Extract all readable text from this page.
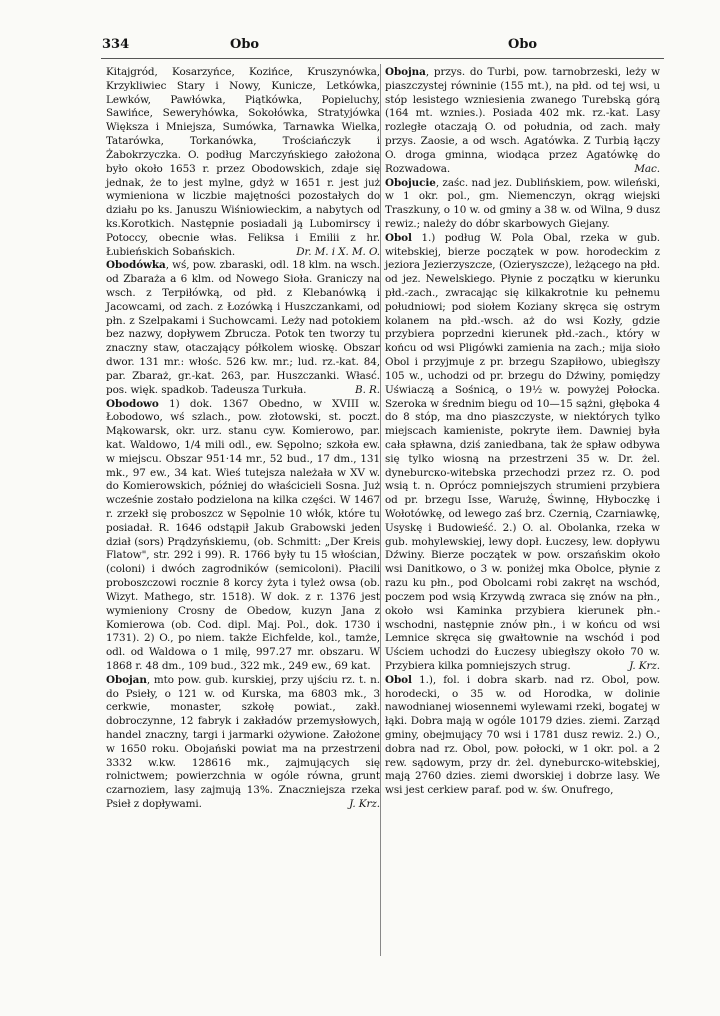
334	Obo	Obo

Kitajgród, Kosarzyńce, Kozińce, Kruszynówka, Krzykliwiec Stary i Nowy, Kunicze, Letkówka, Lewków, Pawłówka, Piątkówka, Popieluchy, Sawińce, Seweryhówka, Sokołówka, Stratyjówka Większa i Mniejsza, Sumówka, Tarnawka Wielka, Tatarówka, Torkanówka, Trościańczyk i Żabokrzyczka. O. podług Marczyńskiego założona było około 1653 r. przez Obodowskich, zdaje się jednak, że to jest mylne, gdyż w 1651 r. jest już wymieniona w liczbie majętności pozostałych do działu po ks. Januszu Wiśniowieckim, a nabytych od ks.Korotkich. Następnie posiadali ją Lubomirscy i Potoccy, obecnie włas. Feliksa i Emilii z hr. Łubieńskich Sobańskich.	Dr. M. i X. M. O.

Obodówka, wś, pow. zbaraski, odl. 18 klm. na wsch. od Zbaraża a 6 klm. od Nowego Sioła. Graniczy na wsch. z Terpiłówką, od płd. z Klebanówką i Jacowcami, od zach. z Łozówką i Huszczankami, od płn. z Szelpakami i Suchowcami. Leży nad potokiem bez nazwy, dopływem Zbrucza. Potok ten tworzy tu znaczny staw, otaczający półkolem wioskę. Obszar dwor. 131 mr.: włośc. 526 kw. mr.; lud. rz.-kat. 84, par. Zbaraż, gr.-kat. 263, par. Huszczanki. Własć. pos. więk. spadkob. Tadeusza Turkuła.	B. R.

Obodowo 1) dok. 1367 Obedno, w XVIII w. Łobodowo, wś szlach., pow. złotowski, st. poczt. Mąkowarsk, okr. urz. stanu cyw. Komierowo, par. kat. Waldowo, 1/4 mili odl., ew. Sępolno; szkoła ew. w miejscu. Obszar 951·14 mr., 52 bud., 17 dm., 131 mk., 97 ew., 34 kat. Wieś tutejsza należała w XV w. do Komierowskich, później do właścicieli Sosna. Już wcześnie zostało podzielona na kilka części. W 1467 r. zrzekł się proboszcz w Sępolnie 10 włók, które tu posiadał. R. 1646 odstąpił Jakub Grabowski jeden dział (sors) Prądzyńskiemu, (ob. Schmitt: „Der Kreis Flatow", str. 292 i 99). R. 1766 były tu 15 włościan, (coloni) i dwóch zagrodników (semicoloni). Płacili proboszczowi rocznie 8 korcy żyta i tyleż owsa (ob. Wizyt. Mathego, str. 1518). W dok. z r. 1376 jest wymieniony Crosny de Obedow, kuzyn Jana z Komierowa (ob. Cod. dipl. Maj. Pol., dok. 1730 i 1731). 2) O., po niem. także Eichfelde, kol., tamże, odl. od Waldowa o 1 milę, 997.27 mr. obszaru. W 1868 r. 48 dm., 109 bud., 322 mk., 249 ew., 69 kat.

Obojan, mto pow. gub. kurskiej, przy ujściu rz. t. n. do Psieły, o 121 w. od Kurska, ma 6803 mk., 3 cerkwie, monaster, szkołę powiat., zakł. dobroczynne, 12 fabryk i zakładów przemysłowych, handel znaczny, targi i jarmarki ożywione. Założone w 1650 roku. Obojański powiat ma na przestrzeni 3332 w.kw. 128616 mk., zajmujących się rolnictwem; powierzchnia w ogóle równa, grunt czarnoziem, lasy zajmują 13%. Znaczniejsza rzeka Psieł z dopływami.	J. Krz.

Obojna, przys. do Turbi, pow. tarnobrzeski, leży w piaszczystej równinie (155 mt.), na płd. od tej wsi, u stóp lesistego wzniesienia zwanego Turebską górą (164 mt. wznies.). Posiada 402 mk. rz.-kat. Lasy rozległe otaczają O. od południa, od zach. mały przys. Zaosie, a od wsch. Agatówka. Z Turbią łączy O. droga gminna, wiodąca przez Agatówkę do Rozwadowa.	Mac.

Obojucie, zaśc. nad jez. Dublińskiem, pow. wileński, w 1 okr. pol., gm. Niemenczyn, okrąg wiejski Traszkuny, o 10 w. od gminy a 38 w. od Wilna, 9 dusz rewiz.; należy do dóbr skarbowych Giejany.

Obol 1.) podług W. Pola Obal, rzeka w gub. witebskiej, bierze początek w pow. horodeckim z jeziora Jezierzyszcze, (Ozieryszcze), leżącego na płd. od jez. Newelskiego. Płynie z początku w kierunku płd.-zach., zwracając się kilkakrotnie ku pełnemu południowi; pod siołem Koziany skręca się ostrym kolanem na płd.-wsch. aż do wsi Kozły, gdzie przybiera poprzedni kierunek płd.-zach., który w końcu od wsi Pligówki zamienia na zach.; mija sioło Obol i przyjmuje z pr. brzegu Szapiłowo, ubiegłszy 105 w., uchodzi od pr. brzegu do Dźwiny, pomiędzy Uświaczą a Sośnicą, o 19½ w. powyżej Połocka. Szeroka w średnim biegu od 10—15 sążni, głęboka 4 do 8 stóp, ma dno piaszczyste, w niektórych tylko miejscach kamieniste, pokryte iłem. Dawniej była cała spławna, dziś zaniedbana, tak że spław odbywa się tylko wiosną na przestrzeni 35 w. Dr. żel. dyneburско-witebska przechodzi przez rz. O. pod wsią t. n. Oprócz pomniejszych strumieni przybiera od pr. brzegu Isse, Warużę, Świnnę, Hłyboczkę i Wołotówkę, od lewego zaś brz. Czernią, Czarniawkę, Usyskę i Budowieść. 2.) O. al. Obolanka, rzeka w gub. mohylewskiej, lewy dopł. Łuczesy, lew. dopływu Dźwiny. Bierze początek w pow. orszańskim około wsi Danitkowo, o 3 w. poniżej mka Obolce, płynie z razu ku płn., pod Obolcami robi zakręt na wschód, poczem pod wsią Krzywdą zwraca się znów na płn., około wsi Kaminka przybiera kierunek płn.-wschodni, następnie znów płn., i w końcu od wsi Lemnice skręca się gwałtownie na wschód i pod Uściem uchodzi do Łuczesy ubiegłszy około 70 w. Przybiera kilka pomniejszych strug.	J. Krz.

Obol 1.), fol. i dobra skarb. nad rz. Obol, pow. horodecki, o 35 w. od Horodka, w dolinie nawodnianej wiosennemi wylewami rzeki, bogatej w łąki. Dobra mają w ogóle 10179 dzies. ziemi. Zarząd gminy, obejmujący 70 wsi i 1781 dusz rewiz. 2.) O., dobra nad rz. Obol, pow. połocki, w 1 okr. pol. a 2 rew. sądowym, przy dr. żel. dyneburско-witebskiej, mają 2760 dzies. ziemi dworskiej i dobrze lasy. We wsi jest cerkiew paraf. pod w. św. Onufrego,
